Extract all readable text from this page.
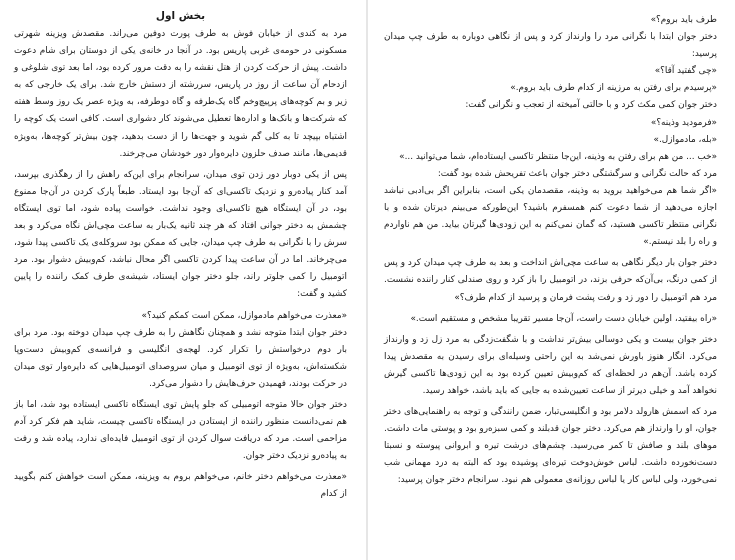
بخش اول

مرد به کندی از خیابان فوش به طرف پورت دوفین می‌راند. مقصدش ویزینه شهرتی مسکونی در حومه‌ی غربی پاریس بود. در آنجا در خانه‌ی یکی از دوستان برای شام دعوت داشت. پیش از حرکت کردن از هتل نقشه را به دقت مرور کرده بود، اما بعد توی شلوغی و ازدحام آن ساعت از روز در پاریس، سررشته از دستش خارج شد. برای یک خارجی که به زیر و بم کوچه‌های پرپیچ‌وخم گاه یک‌طرفه و گاه دوطرفه، به ویژه عصر یک روز وسط هفته که شرکت‌ها و بانک‌ها و اداره‌ها تعطیل می‌شوند کار دشواری است. کافی است یک کوچه را اشتباه بپیچد تا به کلی گم شوید و جهت‌ها را از دست بدهید، چون بیش‌تر کوچه‌ها، به‌ویژه قدیمی‌ها، مانند صدف حلزون دایره‌وار دور خودشان می‌چرخند.

پس از یکی دوبار دور زدن توی میدان، سرانجام برای این‌که راهش را از رهگذری بپرسد، آمد کنار پیاده‌رو و نزدیک تاکسی‌ای که آن‌جا بود ایستاد. طبعاً پارک کردن در آن‌جا ممنوع بود، در آن ایستگاه هیچ تاکسی‌ای وجود نداشت. خواست پیاده شود، اما توی ایستگاه چشمش به دختر جوانی افتاد که هر چند ثانیه یک‌بار به ساعت مچی‌اش نگاه می‌کرد و بعد سرش را با نگرانی به طرف چپ میدان، جایی که ممکن بود سروکله‌ی یک تاکسی پیدا شود، می‌چرخاند. اما در آن ساعت پیدا کردن تاکسی اگر محال نباشد، کم‌وبیش دشوار بود. مرد اتومبیل را کمی جلوتر راند، جلو دختر جوان ایستاد، شیشه‌ی طرف کمک راننده را پایین کشید و گفت:

«معذرت می‌خواهم مادموازل، ممکن است کمکم کنید؟»

دختر جوان ابتدا متوجه نشد و همچنان نگاهش را به طرف چپ میدان دوخته بود. مرد برای بار دوم درخواستش را تکرار کرد. لهجه‌ی انگلیسی و فرانسه‌ی کم‌وبیش دست‌وپا شکسته‌اش، به‌ویژه از توی اتومبیل و میان سروصدای اتومبیل‌هایی که دایره‌وار توی میدان در حرکت بودند، فهمیدن حرف‌هایش را دشوار می‌کرد.

دختر جوان حالا متوجه اتومبیلی که جلو پایش توی ایستگاه تاکسی ایستاده بود شد، اما باز هم نمی‌دانست منظور راننده از ایستادن در ایستگاه تاکسی چیست، شاید هم فکر کرد آدم مزاحمی است. مرد که دریافت سوال کردن از توی اتومبیل فایده‌ای ندارد، پیاده شد و رفت به پیاده‌رو نزدیک دختر جوان.

«معذرت می‌خواهم دختر خانم، می‌خواهم بروم به ویزینه، ممکن است خواهش کنم بگویید از کدام

طرف باید بروم؟»

دختر جوان ابتدا با نگرانی مرد را وارنداز کرد و پس از نگاهی دوباره به طرف چپ میدان پرسید:

«چی گفتید آقا؟»

«پرسیدم برای رفتن به مرزینه از کدام طرف باید بروم.»

دختر جوان کمی مکث کرد و با حالتی آمیخته از تعجب و نگرانی گفت:

«فرمودید وذینه؟»

«بله، مادموازل.»

«خب ... من هم برای رفتن به وذینه، این‌جا منتظر تاکسی ایستاده‌ام، شما می‌توانید ...»

مرد که حالت نگرانی و سرگشتگی دختر جوان باعث تفریحش شده بود گفت:

«اگر شما هم می‌خواهید بروید به وذینه، مقصدمان یکی است، بنابراین اگر بی‌ادبی نباشد اجازه می‌دهید از شما دعوت کنم همسفرم باشید؟ این‌طورکه می‌بینم دیرتان شده و با نگرانی منتظر تاکسی هستید، که گمان نمی‌کنم به این زودی‌ها گیرتان بیاید. من هم ناواردم و راه را بلد نیستم.»

دختر جوان بار دیگر نگاهی به ساعت مچی‌اش انداخت و بعد به طرف چپ میدان کرد و پس از کمی درنگ، بی‌آن‌که حرفی بزند، در اتومبیل را باز کرد و روی صندلی کنار راننده نشست. مرد هم اتومبیل را دور زد و رفت پشت فرمان و پرسید از کدام طرف؟»

«راه بیفتید، اولین خیابان دست راست، آن‌جا مسیر تقریبا مشخص و مستقیم است.»

دختر جوان بیست و یکی دوسالی بیش‌تر نداشت و با شگفت‌زدگی به مرد زل زد و وارنداز می‌کرد. انگار هنوز باورش نمی‌شد به این راحتی وسیله‌ای برای رسیدن به مقصدش پیدا کرده باشد. آن‌هم در لحظه‌ای که کم‌وبیش تعیین کرده بود به این زودی‌ها تاکسی گیرش نخواهد آمد و خیلی دیرتر از ساعت تعیین‌شده به جایی که باید باشد، خواهد رسید.

مرد که اسمش هارولد دلامر بود و انگلیسی‌تبار، ضمن رانندگی و توجه به راهنمایی‌های دختر جوان، او را وارنداز هم می‌کرد. دختر جوان قدبلند و کمی سبزه‌رو بود و پوستی مات داشت. موهای بلند و صافش تا کمر می‌رسید. چشم‌های درشت تیره و ابروانی پیوسته و نسبتا دست‌نخورده داشت. لباس خوش‌دوخت تیره‌ای پوشیده بود که البته به درد مهمانی شب نمی‌خورد، ولی لباس کار یا لباس روزانه‌ی معمولی هم نبود. سرانجام دختر جوان پرسید:
